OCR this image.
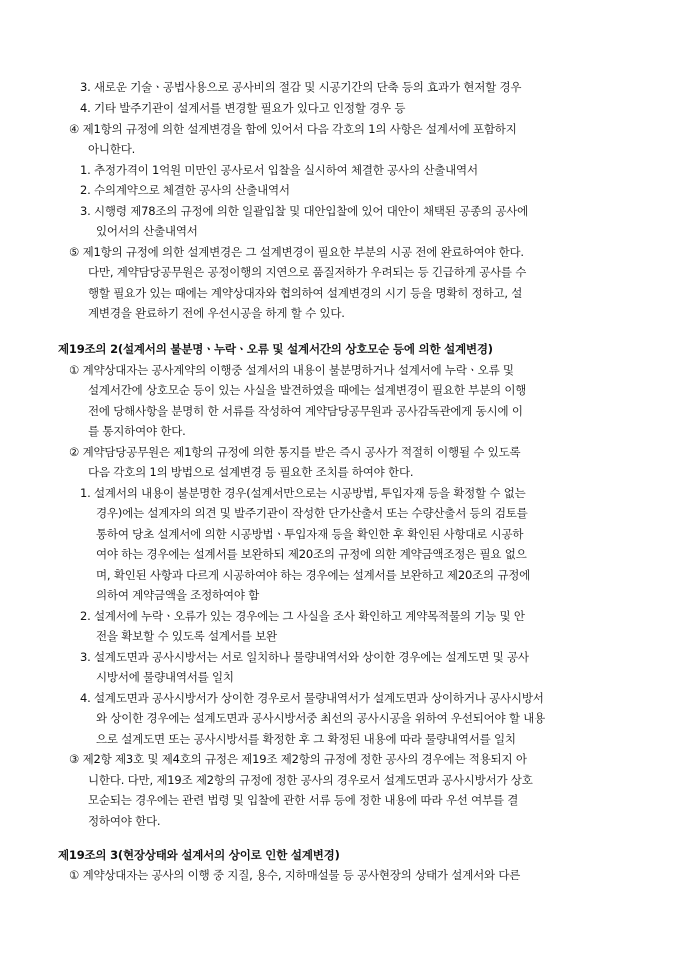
3. 새로운 기술ㆍ공법사용으로 공사비의 절감 및 시공기간의 단축 등의 효과가 현저할 경우
4. 기타 발주기관이 설계서를 변경할 필요가 있다고 인정할 경우 등
④ 제1항의 규정에 의한 설계변경을 함에 있어서 다음 각호의 1의 사항은 설계서에 포함하지
아니한다.
1. 추정가격이 1억원 미만인 공사로서 입찰을 실시하여 체결한 공사의 산출내역서
2. 수의계약으로 체결한 공사의 산출내역서
3. 시행령 제78조의 규정에 의한 일괄입찰 및 대안입찰에 있어 대안이 채택된 공종의 공사에
있어서의 산출내역서
⑤ 제1항의 규정에 의한 설계변경은 그 설계변경이 필요한 부분의 시공 전에 완료하여야 한다.
다만, 계약담당공무원은 공정이행의 지연으로 품질저하가 우려되는 등 긴급하게 공사를 수
행할 필요가 있는 때에는 계약상대자와 협의하여 설계변경의 시기 등을 명확히 정하고, 설
계변경을 완료하기 전에 우선시공을 하게 할 수 있다.
제19조의 2(설계서의 불분명ㆍ누락ㆍ오류 및 설계서간의 상호모순 등에 의한 설계변경)
① 계약상대자는 공사계약의 이행중 설계서의 내용이 불분명하거나 설계서에 누락ㆍ오류 및
설계서간에 상호모순 등이 있는 사실을 발견하였을 때에는 설계변경이 필요한 부분의 이행
전에 당해사항을 분명히 한 서류를 작성하여 계약담당공무원과 공사감독관에게 동시에 이
를 통지하여야 한다.
② 계약담당공무원은 제1항의 규정에 의한 통지를 받은 즉시 공사가 적절히 이행될 수 있도록
다음 각호의 1의 방법으로 설계변경 등 필요한 조치를 하여야 한다.
1. 설계서의 내용이 불분명한 경우(설계서만으로는 시공방법, 투입자재 등을 확정할 수 없는
경우)에는 설계자의 의견 및 발주기관이 작성한 단가산출서 또는 수량산출서 등의 검토를
통하여 당초 설계서에 의한 시공방법ㆍ투입자재 등을 확인한 후 확인된 사항대로 시공하
여야 하는 경우에는 설계서를 보완하되 제20조의 규정에 의한 계약금액조정은 필요 없으
며, 확인된 사항과 다르게 시공하여야 하는 경우에는 설계서를 보완하고 제20조의 규정에
의하여 계약금액을 조정하여야 함
2. 설계서에 누락ㆍ오류가 있는 경우에는 그 사실을 조사 확인하고 계약목적물의 기능 및 안
전을 확보할 수 있도록 설계서를 보완
3. 설계도면과 공사시방서는 서로 일치하나 물량내역서와 상이한 경우에는 설계도면 및 공사
시방서에 물량내역서를 일치
4. 설계도면과 공사시방서가 상이한 경우로서 물량내역서가 설계도면과 상이하거나 공사시방서
와 상이한 경우에는 설계도면과 공사시방서중 최선의 공사시공을 위하여 우선되어야 할 내용
으로 설계도면 또는 공사시방서를 확정한 후 그 확정된 내용에 따라 물량내역서를 일치
③ 제2항 제3호 및 제4호의 규정은 제19조 제2항의 규정에 정한 공사의 경우에는 적용되지 아
니한다. 다만, 제19조 제2항의 규정에 정한 공사의 경우로서 설계도면과 공사시방서가 상호
모순되는 경우에는 관련 법령 및 입찰에 관한 서류 등에 정한 내용에 따라 우선 여부를 결
정하여야 한다.
제19조의 3(현장상태와 설계서의 상이로 인한 설계변경)
① 계약상대자는 공사의 이행 중 지질, 용수, 지하매설물 등 공사현장의 상태가 설계서와 다른
